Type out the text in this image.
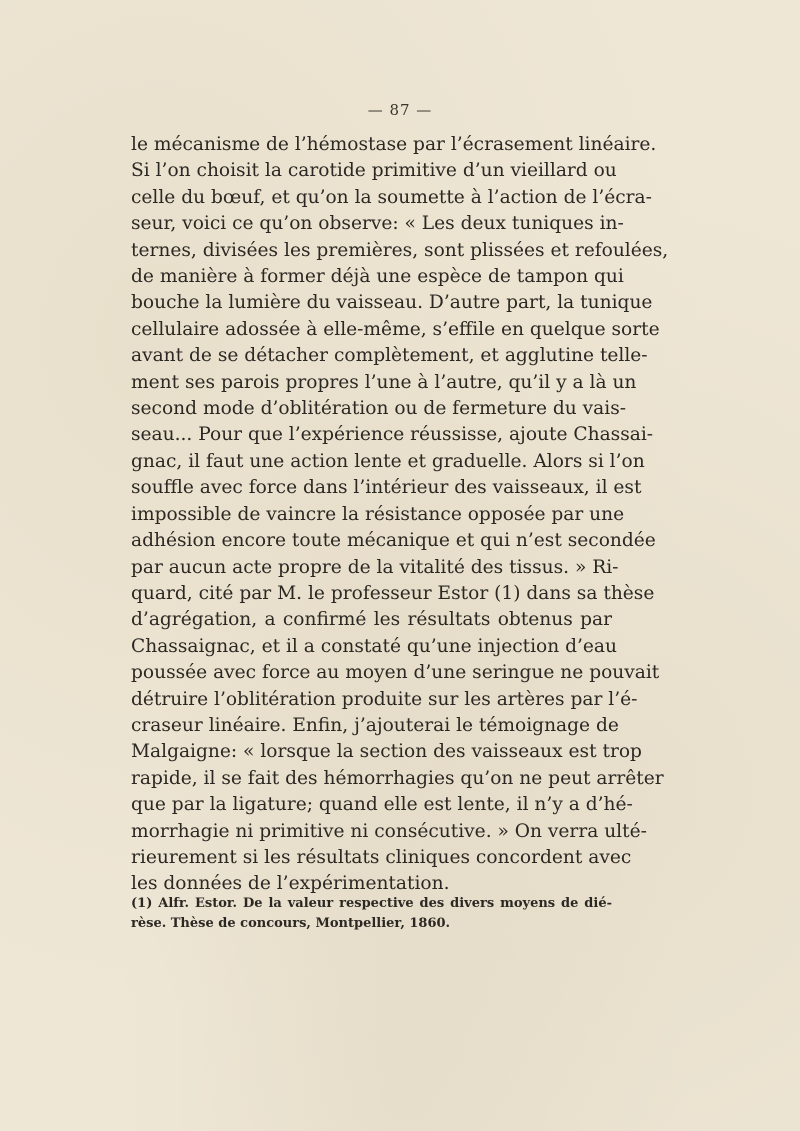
— 87 —
le mécanisme de l’hémostase par l’écrasement linéaire.
Si l’on choisit la carotide primitive d’un vieillard ou
celle du bœuf, et qu’on la soumette à l’action de l’écra-
seur, voici ce qu’on observe: « Les deux tuniques in-
ternes, divisées les premières, sont plissées et refoulées,
de manière à former déjà une espèce de tampon qui
bouche la lumière du vaisseau. D’autre part, la tunique
cellulaire adossée à elle-même, s’effile en quelque sorte
avant de se détacher complètement, et agglutine telle-
ment ses parois propres l’une à l’autre, qu’il y a là un
second mode d’oblitération ou de fermeture du vais-
seau... Pour que l’expérience réussisse, ajoute Chassai-
gnac, il faut une action lente et graduelle. Alors si l’on
souffle avec force dans l’intérieur des vaisseaux, il est
impossible de vaincre la résistance opposée par une
adhésion encore toute mécanique et qui n’est secondée
par aucun acte propre de la vitalité des tissus. » Ri-
quard, cité par M. le professeur Estor (1) dans sa thèse
d’agrégation, a confirmé les résultats obtenus par
Chassaignac, et il a constaté qu’une injection d’eau
poussée avec force au moyen d’une seringue ne pouvait
détruire l’oblitération produite sur les artères par l’é-
craseur linéaire. Enfin, j’ajouterai le témoignage de
Malgaigne: « lorsque la section des vaisseaux est trop
rapide, il se fait des hémorrhagies qu’on ne peut arrêter
que par la ligature; quand elle est lente, il n’y a d’hé-
morrhagie ni primitive ni consécutive. » On verra ulté-
rieurement si les résultats cliniques concordent avec
les données de l’expérimentation.
(1) Alfr. Estor. De la valeur respective des divers moyens de dié-
rèse. Thèse de concours, Montpellier, 1860.
